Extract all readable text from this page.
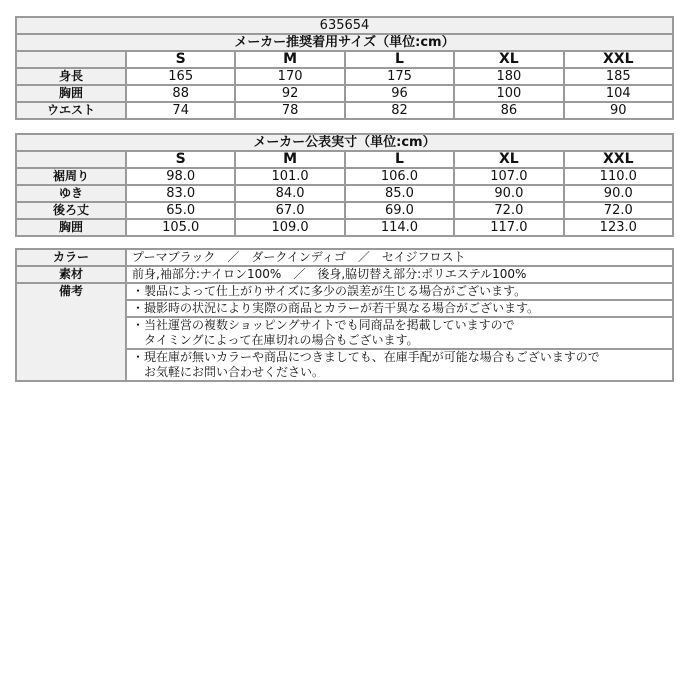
635654					
メーカー推奨着用サイズ（単位:cm）					
	S	M	L	XL	XXL
身長	165	170	175	180	185
胸囲	88	92	96	100	104
ウエスト	74	78	82	86	90
メーカー公表実寸（単位:cm）					
	S	M	L	XL	XXL
裾周り	98.0	101.0	106.0	107.0	110.0
ゆき	83.0	84.0	85.0	90.0	90.0
後ろ丈	65.0	67.0	69.0	72.0	72.0
胸囲	105.0	109.0	114.0	117.0	123.0
カラー	プーマブラック　／　ダークインディゴ　／　セイジフロスト
素材	前身,袖部分:ナイロン100%　／　後身,脇切替え部分:ポリエステル100%
備考	・製品によって仕上がりサイズに多少の誤差が生じる場合がございます。
	・撮影時の状況により実際の商品とカラーが若干異なる場合がございます。

	・当社運営の複数ショッピングサイトでも同商品を掲載していますので
　タイミングによって在庫切れの場合もございます。

	・現在庫が無いカラーや商品につきましても、在庫手配が可能な場合もございますので
　お気軽にお問い合わせください。
